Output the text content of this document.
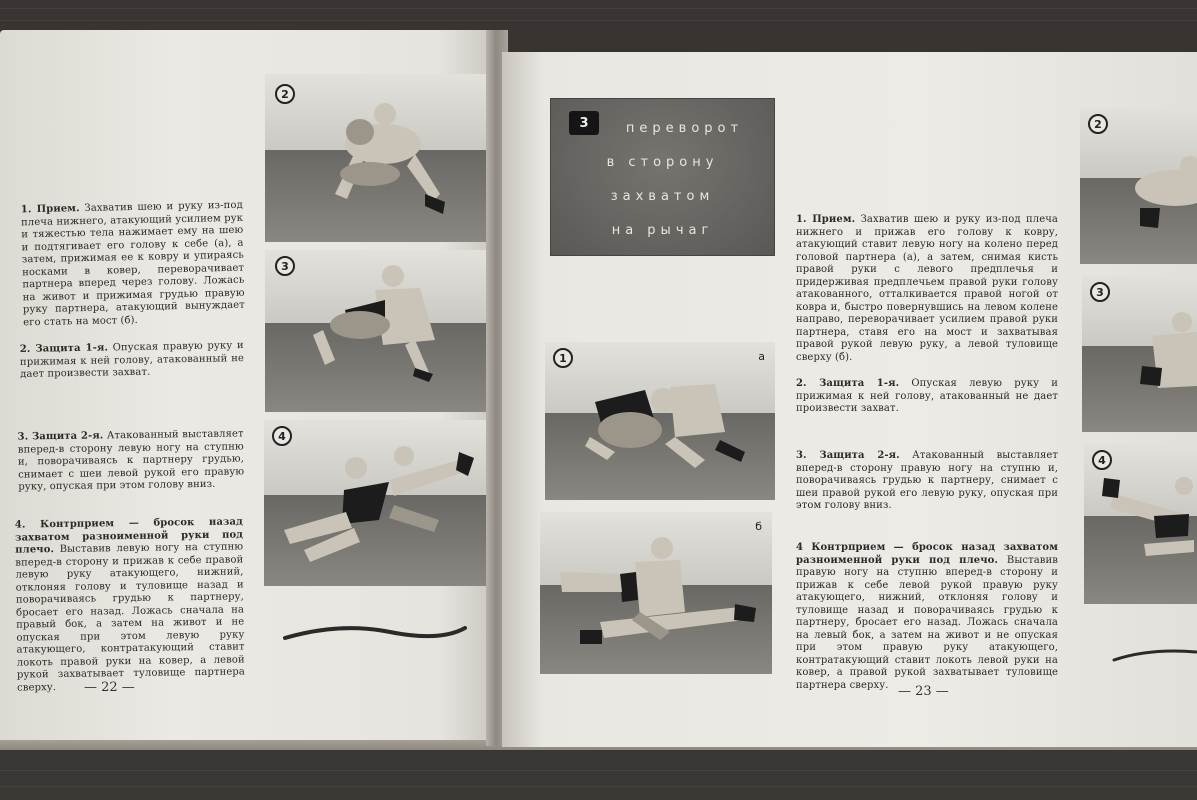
1. Прием. Захватив шею и руку из-под плеча нижнего, атакующий усилием рук и тяжестью тела нажимает ему на шею и подтягивает его голову к себе (а), а затем, прижимая ее к ковру и упираясь носками в ковер, переворачивает партнера вперед через голову. Ложась на живот и прижимая грудью правую руку партнера, атакующий вынуждает его стать на мост (б).
2. Защита 1-я. Опуская правую руку и прижимая к ней голову, атакованный не дает произвести захват.
3. Защита 2-я. Атакованный выставляет вперед-в сторону левую ногу на ступню и, поворачиваясь к партнеру грудью, снимает с шеи левой рукой его правую руку, опуская при этом голову вниз.
4. Контрприем — бросок назад захватом разноименной руки под плечо. Выставив левую ногу на ступню вперед-в сторону и прижав к себе правой левую руку атакующего, нижний, отклоняя голову и туловище назад и поворачиваясь грудью к партнеру, бросает его назад. Ложась сначала на правый бок, а затем на живот и не опуская при этом левую руку атакующего, контратакующий ставит локоть правой руки на ковер, а левой рукой захватывает туловище партнера сверху.	— 22 —
2
3
4
1. Прием. Захватив шею и руку из-под плеча нижнего и прижав его голову к ковру, атакующий ставит левую ногу на колено перед головой партнера (а), а затем, снимая кисть правой руки с левого предплечья и придерживая предплечьем правой руки голову атакованного, отталкивается правой ногой от ковра и, быстро повернувшись на левом колене направо, переворачивает усилием правой руки партнера, ставя его на мост и захватывая правой рукой левую руку, а левой туловище сверху (б).
2. Защита 1-я. Опуская левую руку и прижимая к ней голову, атакованный не дает произвести захват.
3. Защита 2-я. Атакованный выставляет вперед-в сторону правую ногу на ступню и, поворачиваясь грудью к партнеру, снимает с шеи правой рукой его левую руку, опуская при этом голову вниз.
4 Контрприем — бросок назад захватом разноименной руки под плечо. Выставив правую ногу на ступню вперед-в сторону и прижав к себе левой рукой правую руку атакующего, нижний, отклоняя голову и туловище назад и поворачиваясь грудью к партнеру, бросает его назад. Ложась сначала на левый бок, а затем на живот и не опуская при этом правую руку атакующего, контратакующий ставит локоть левой руки на ковер, а правой рукой захватывает туловище партнера сверху. — 23 —
3	переворот
в сторону
захватом
на рычаг
1	а
б
2
3
4
